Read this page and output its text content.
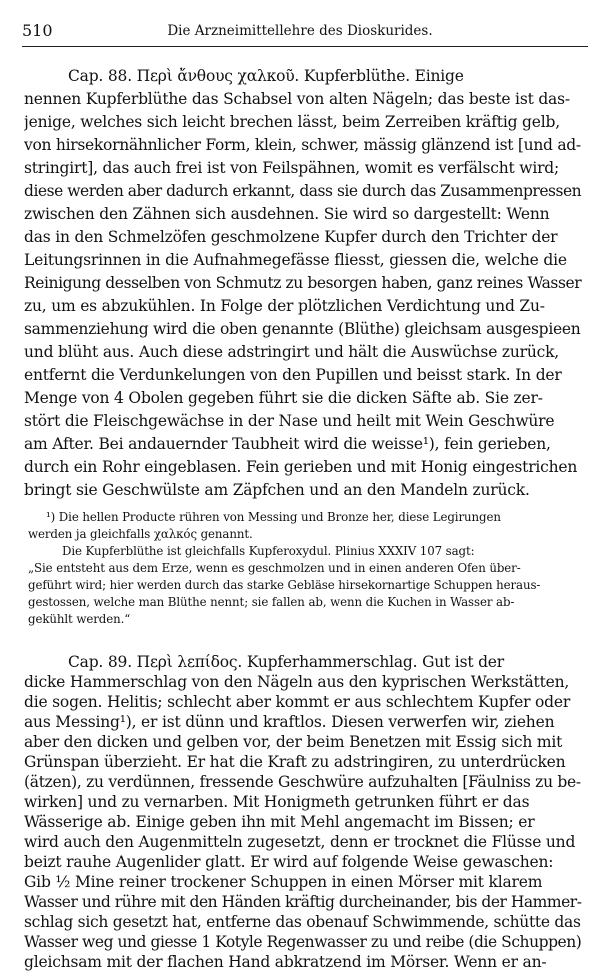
510	Die Arzneimittellehre des Dioskurides.
Cap. 88. Περὶ ἄνθους χαλκοῦ. Kupferblüthe. Einige
nennen Kupferblüthe das Schabsel von alten Nägeln; das beste ist das-
jenige, welches sich leicht brechen lässt, beim Zerreiben kräftig gelb,
von hirsekornähnlicher Form, klein, schwer, mässig glänzend ist [und ad-
stringirt], das auch frei ist von Feilspähnen, womit es verfälscht wird;
diese werden aber dadurch erkannt, dass sie durch das Zusammenpressen
zwischen den Zähnen sich ausdehnen. Sie wird so dargestellt: Wenn
das in den Schmelzöfen geschmolzene Kupfer durch den Trichter der
Leitungsrinnen in die Aufnahmegefässe fliesst, giessen die, welche die
Reinigung desselben von Schmutz zu besorgen haben, ganz reines Wasser
zu, um es abzukühlen. In Folge der plötzlichen Verdichtung und Zu-
sammenziehung wird die oben genannte (Blüthe) gleichsam ausgespieen
und blüht aus. Auch diese adstringirt und hält die Auswüchse zurück,
entfernt die Verdunkelungen von den Pupillen und beisst stark. In der
Menge von 4 Obolen gegeben führt sie die dicken Säfte ab. Sie zer-
stört die Fleischgewächse in der Nase und heilt mit Wein Geschwüre
am After. Bei andauernder Taubheit wird die weisse¹), fein gerieben,
durch ein Rohr eingeblasen. Fein gerieben und mit Honig eingestrichen
bringt sie Geschwülste am Zäpfchen und an den Mandeln zurück.
¹) Die hellen Producte rühren von Messing und Bronze her, diese Legirungen
werden ja gleichfalls χαλκός genannt.
Die Kupferblüthe ist gleichfalls Kupferoxydul. Plinius XXXIV 107 sagt:
„Sie entsteht aus dem Erze, wenn es geschmolzen und in einen anderen Ofen über-
geführt wird; hier werden durch das starke Gebläse hirsekornartige Schuppen heraus-
gestossen, welche man Blüthe nennt; sie fallen ab, wenn die Kuchen in Wasser ab-
gekühlt werden.“
Cap. 89. Περὶ λεπίδος. Kupferhammerschlag. Gut ist der
dicke Hammerschlag von den Nägeln aus den kyprischen Werkstätten,
die sogen. Helitis; schlecht aber kommt er aus schlechtem Kupfer oder
aus Messing¹), er ist dünn und kraftlos. Diesen verwerfen wir, ziehen
aber den dicken und gelben vor, der beim Benetzen mit Essig sich mit
Grünspan überzieht. Er hat die Kraft zu adstringiren, zu unterdrücken
(ätzen), zu verdünnen, fressende Geschwüre aufzuhalten [Fäulniss zu be-
wirken] und zu vernarben. Mit Honigmeth getrunken führt er das
Wässerige ab. Einige geben ihn mit Mehl angemacht im Bissen; er
wird auch den Augenmitteln zugesetzt, denn er trocknet die Flüsse und
beizt rauhe Augenlider glatt. Er wird auf folgende Weise gewaschen:
Gib ½ Mine reiner trockener Schuppen in einen Mörser mit klarem
Wasser und rühre mit den Händen kräftig durcheinander, bis der Hammer-
schlag sich gesetzt hat, entferne das obenauf Schwimmende, schütte das
Wasser weg und giesse 1 Kotyle Regenwasser zu und reibe (die Schuppen)
gleichsam mit der flachen Hand abkratzend im Mörser. Wenn er an-
